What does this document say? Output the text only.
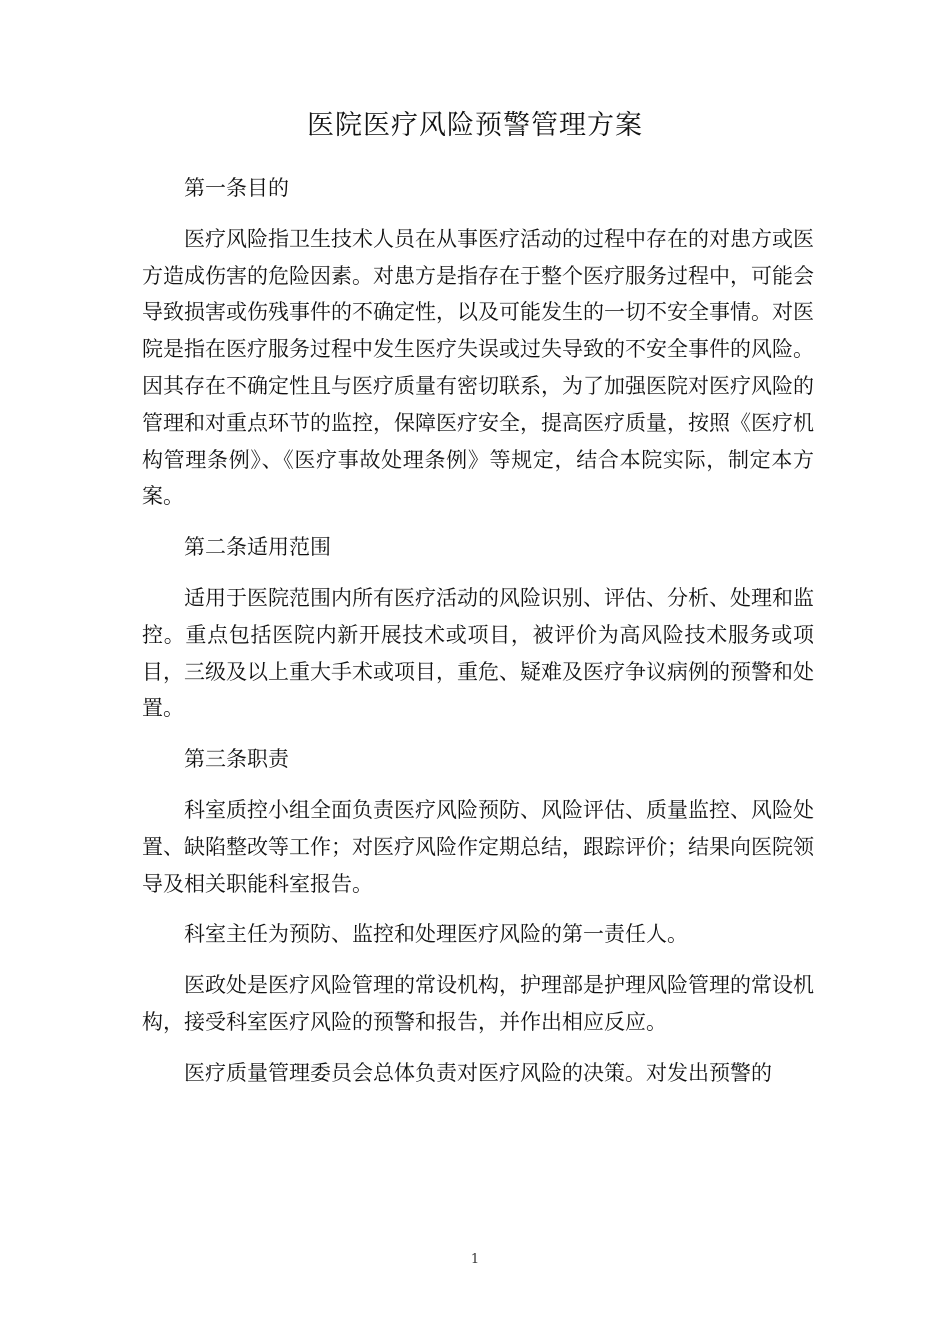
医院医疗风险预警管理方案

第一条目的

医疗风险指卫生技术人员在从事医疗活动的过程中存在的对患方或医方造成伤害的危险因素。对患方是指存在于整个医疗服务过程中，可能会导致损害或伤残事件的不确定性，以及可能发生的一切不安全事情。对医院是指在医疗服务过程中发生医疗失误或过失导致的不安全事件的风险。因其存在不确定性且与医疗质量有密切联系，为了加强医院对医疗风险的管理和对重点环节的监控，保障医疗安全，提高医疗质量，按照《医疗机构管理条例》、《医疗事故处理条例》等规定，结合本院实际，制定本方案。

第二条适用范围

适用于医院范围内所有医疗活动的风险识别、评估、分析、处理和监控。重点包括医院内新开展技术或项目，被评价为高风险技术服务或项目，三级及以上重大手术或项目，重危、疑难及医疗争议病例的预警和处置。

第三条职责

科室质控小组全面负责医疗风险预防、风险评估、质量监控、风险处置、缺陷整改等工作；对医疗风险作定期总结，跟踪评价；结果向医院领导及相关职能科室报告。

科室主任为预防、监控和处理医疗风险的第一责任人。

医政处是医疗风险管理的常设机构，护理部是护理风险管理的常设机构，接受科室医疗风险的预警和报告，并作出相应反应。

医疗质量管理委员会总体负责对医疗风险的决策。对发出预警的

1
